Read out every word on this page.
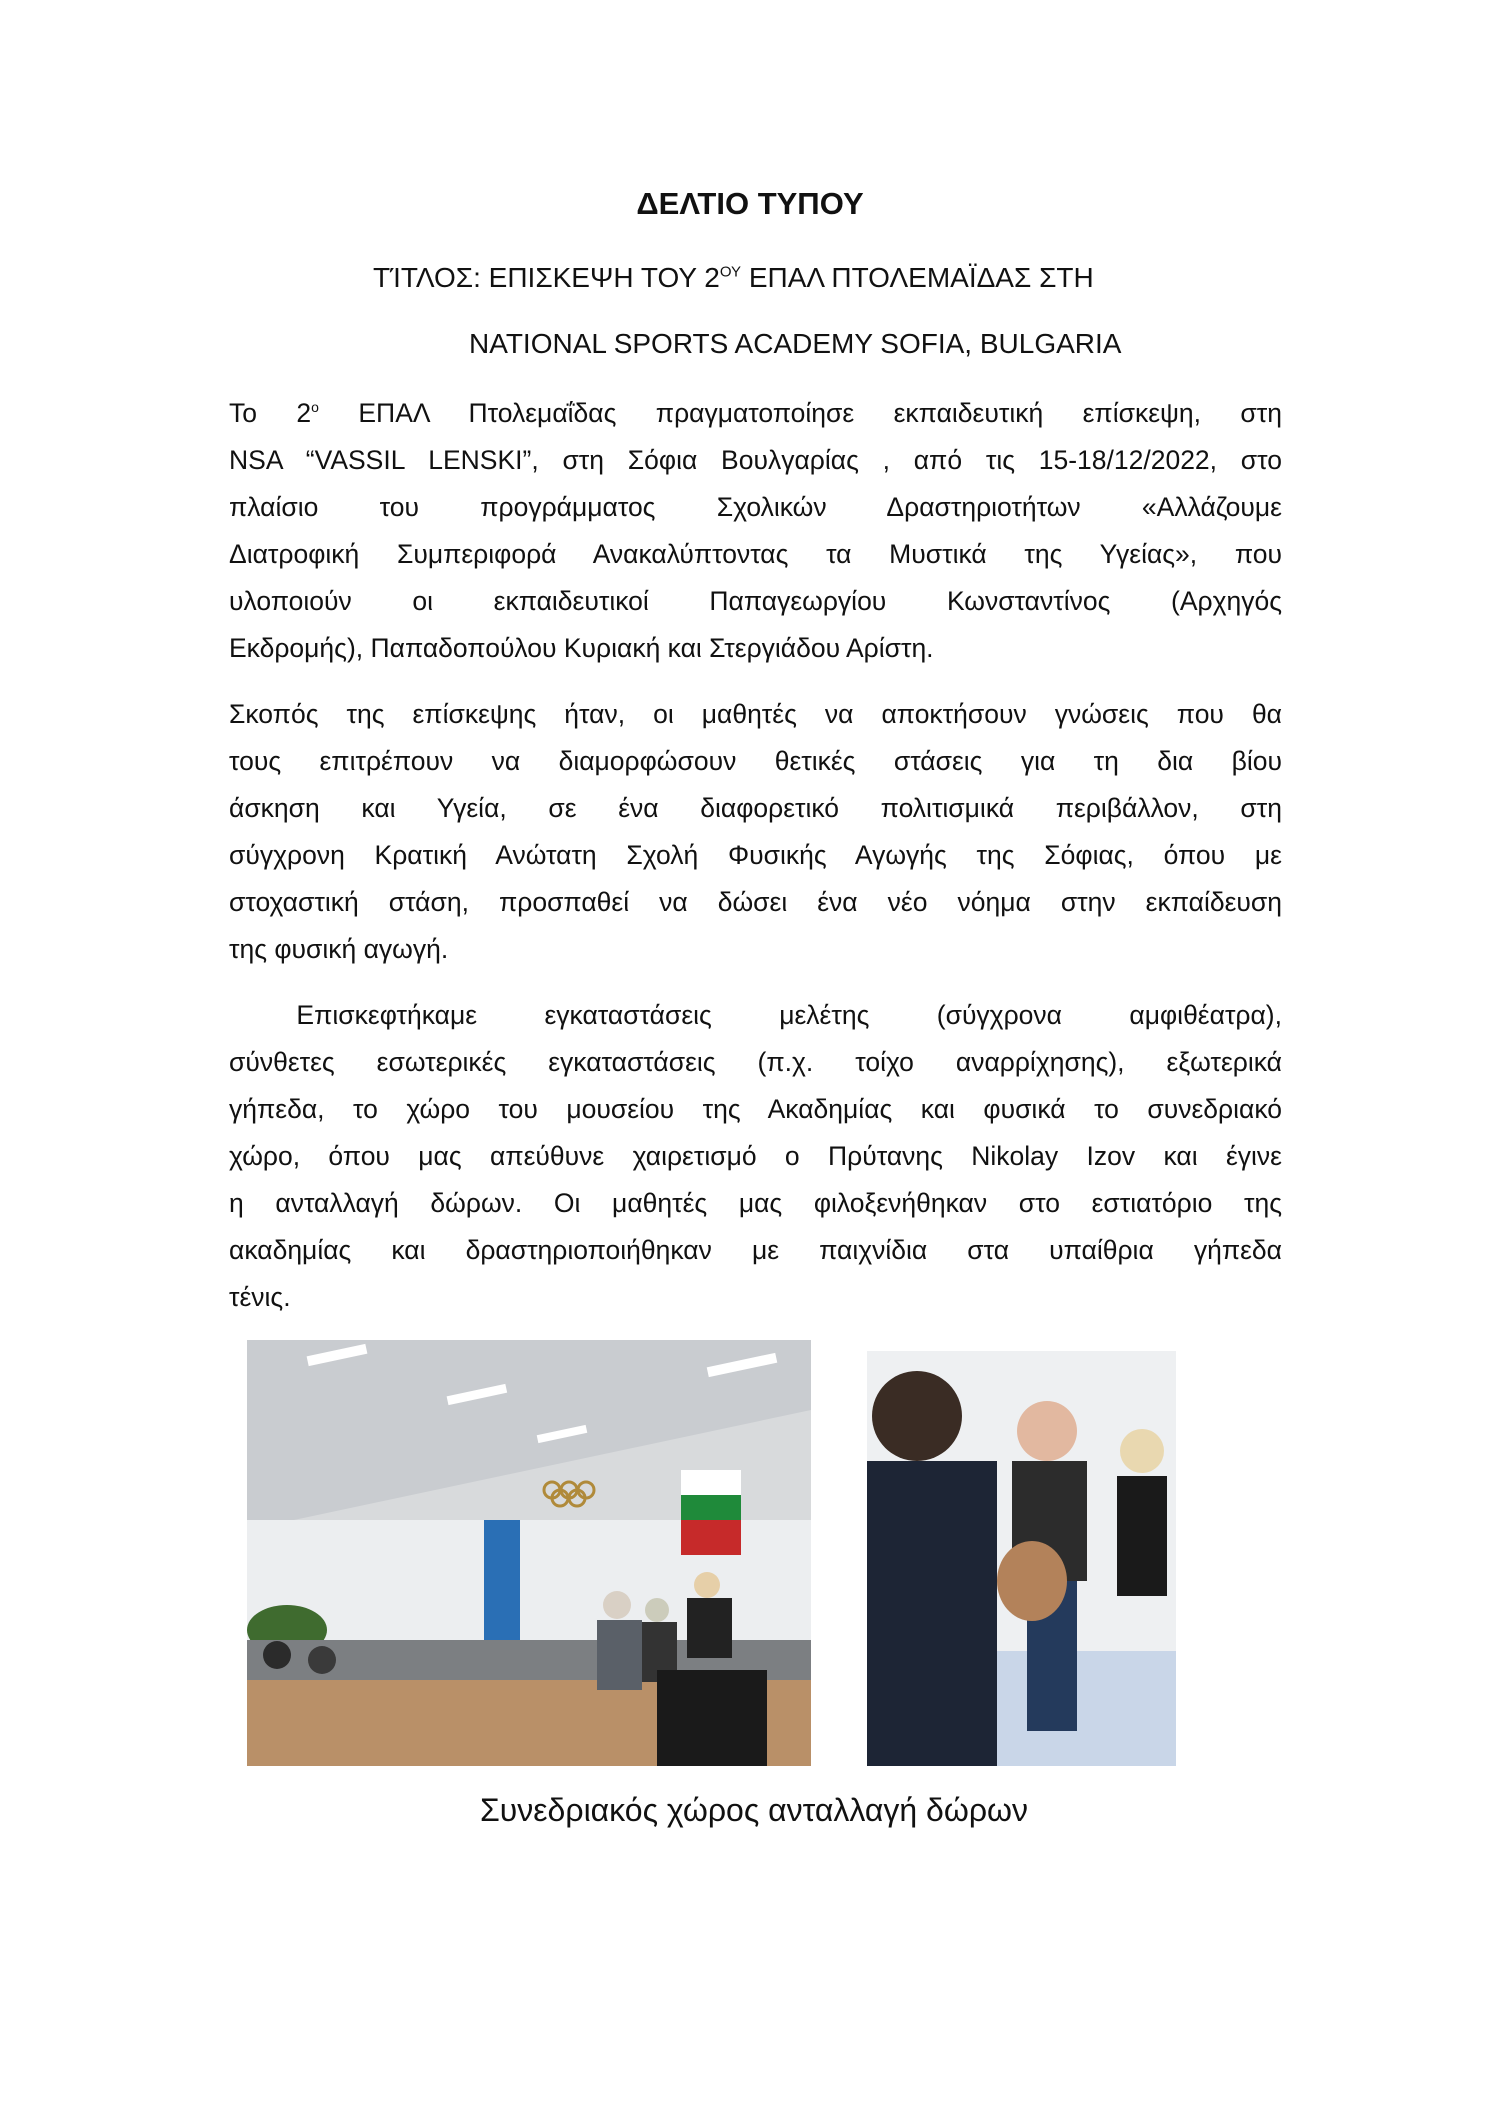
ΔΕΛΤΙΟ ΤΥΠΟΥ
ΤΊΤΛΟΣ: ΕΠΙΣΚΕΨΗ ΤΟΥ $2^{O\Upsilon}$ ΕΠΑΛ ΠΤΟΛΕΜΑΪΔΑΣ ΣΤΗ
NATIONAL SPORTS ACADEMY SOFIA, BULGARIA
Το $2^o$ ΕΠΑΛ Πτολεμαΐδας πραγματοποίησε εκπαιδευτική επίσκεψη, στη
NSA “VASSIL LENSKI”, στη Σόφια Βουλγαρίας , από τις 15-18/12/2022, στο
πλαίσιο του προγράμματος Σχολικών Δραστηριοτήτων «Αλλάζουμε
Διατροφική Συμπεριφορά Ανακαλύπτοντας τα Μυστικά της Υγείας», που
υλοποιούν οι εκπαιδευτικοί Παπαγεωργίου Κωνσταντίνος (Αρχηγός
Εκδρομής), Παπαδοπούλου Κυριακή και Στεργιάδου Αρίστη.
Σκοπός της επίσκεψης ήταν, οι μαθητές να αποκτήσουν γνώσεις που θα
τους επιτρέπουν να διαμορφώσουν θετικές στάσεις για τη δια βίου
άσκηση και Υγεία, σε ένα διαφορετικό πολιτισμικά περιβάλλον, στη
σύγχρονη Κρατική Ανώτατη Σχολή Φυσικής Αγωγής της Σόφιας, όπου με
στοχαστική στάση, προσπαθεί να δώσει ένα νέο νόημα στην εκπαίδευση
της φυσική αγωγή.
Επισκεφτήκαμε εγκαταστάσεις μελέτης (σύγχρονα αμφιθέατρα),
σύνθετες εσωτερικές εγκαταστάσεις (π.χ. τοίχο αναρρίχησης), εξωτερικά
γήπεδα, το χώρο του μουσείου της Ακαδημίας και φυσικά το συνεδριακό
χώρο, όπου μας απεύθυνε χαιρετισμό ο Πρύτανης Nikolay Izov και έγινε
η ανταλλαγή δώρων. Οι μαθητές μας φιλοξενήθηκαν στο εστιατόριο της
ακαδημίας και δραστηριοποιήθηκαν με παιχνίδια στα υπαίθρια γήπεδα
τένις.
Συνεδριακός χώρος ανταλλαγή δώρων
